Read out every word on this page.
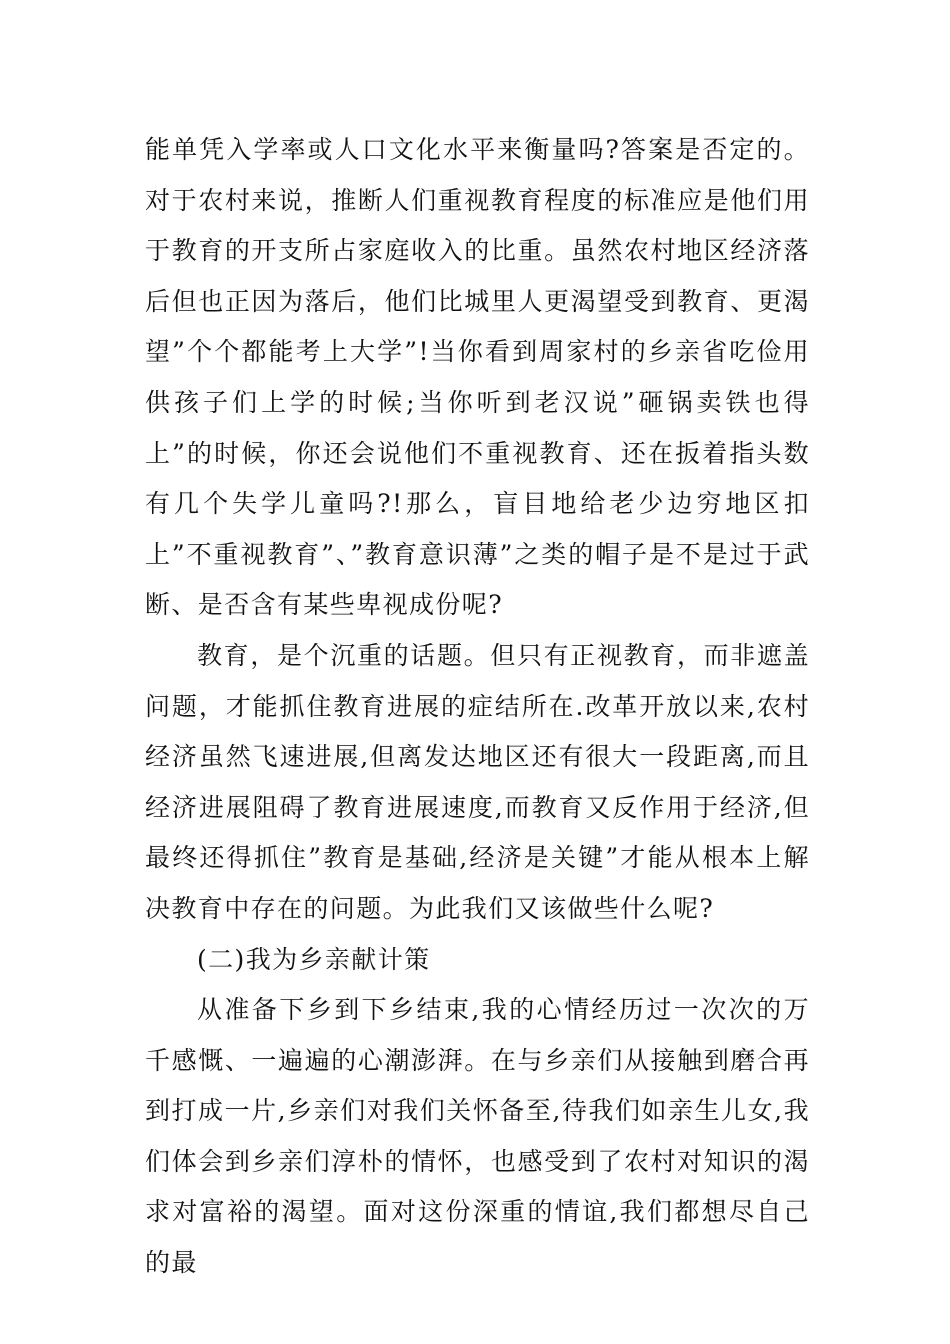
能单凭入学率或人口文化水平来衡量吗?答案是否定的。对于农村来说，推断人们重视教育程度的标准应是他们用于教育的开支所占家庭收入的比重。虽然农村地区经济落后但也正因为落后，他们比城里人更渴望受到教育、更渴望”个个都能考上大学”!当你看到周家村的乡亲省吃俭用供孩子们上学的时候;当你听到老汉说”砸锅卖铁也得上”的时候，你还会说他们不重视教育、还在扳着指头数有几个失学儿童吗?!那么，盲目地给老少边穷地区扣上”不重视教育”、”教育意识薄”之类的帽子是不是过于武断、是否含有某些卑视成份呢?

教育，是个沉重的话题。但只有正视教育，而非遮盖问题，才能抓住教育进展的症结所在.改革开放以来,农村经济虽然飞速进展,但离发达地区还有很大一段距离,而且经济进展阻碍了教育进展速度,而教育又反作用于经济,但最终还得抓住”教育是基础,经济是关键”才能从根本上解决教育中存在的问题。为此我们又该做些什么呢?

(二)我为乡亲献计策

从准备下乡到下乡结束,我的心情经历过一次次的万千感慨、一遍遍的心潮澎湃。在与乡亲们从接触到磨合再到打成一片,乡亲们对我们关怀备至,待我们如亲生儿女,我们体会到乡亲们淳朴的情怀，也感受到了农村对知识的渴求对富裕的渴望。面对这份深重的情谊,我们都想尽自己的最
